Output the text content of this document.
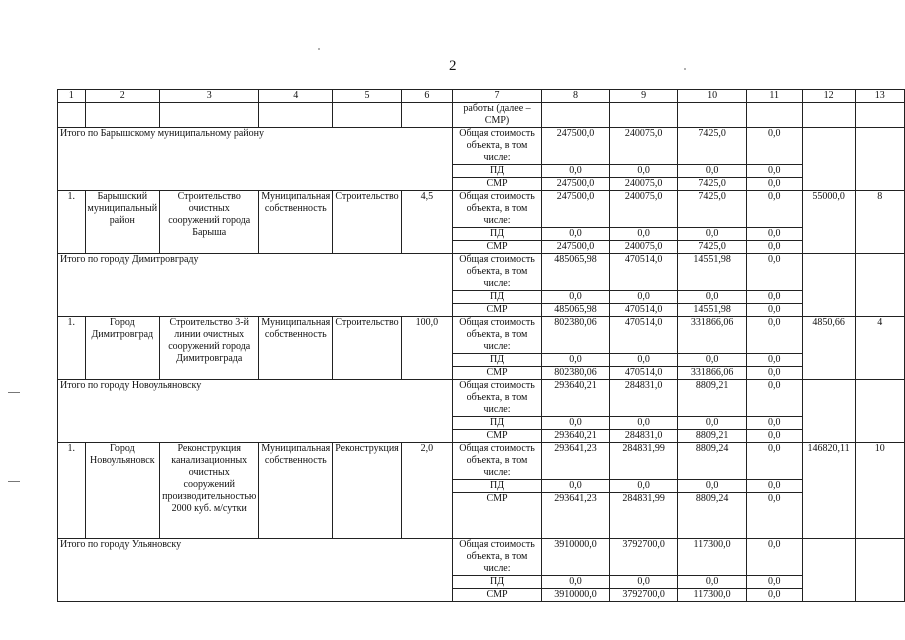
2
1	2	3	4	5	6	7	8	9	10	11	12	13
						работы (далее – СМР)						
Итого по Барышскому муниципальному району						Общая стоимость объекта, в том числе:	247500,0	240075,0	7425,0	0,0		
						ПД	0,0	0,0	0,0	0,0		
						СМР	247500,0	240075,0	7425,0	0,0		
1.	Барышский муниципальный район	Строительство очистных сооружений города Барыша	Муниципальная собственность	Строительство	4,5	Общая стоимость объекта, в том числе:	247500,0	240075,0	7425,0	0,0	55000,0	8
						ПД	0,0	0,0	0,0	0,0		
						СМР	247500,0	240075,0	7425,0	0,0		
Итого по городу Димитровграду						Общая стоимость объекта, в том числе:	485065,98	470514,0	14551,98	0,0		
						ПД	0,0	0,0	0,0	0,0		
						СМР	485065,98	470514,0	14551,98	0,0		
1.	Город Димитровград	Строительство 3-й линии очистных сооружений города Димитровграда	Муниципальная собственность	Строительство	100,0	Общая стоимость объекта, в том числе:	802380,06	470514,0	331866,06	0,0	4850,66	4
						ПД	0,0	0,0	0,0	0,0		
						СМР	802380,06	470514,0	331866,06	0,0		
Итого по городу Новоульяновску						Общая стоимость объекта, в том числе:	293640,21	284831,0	8809,21	0,0		
						ПД	0,0	0,0	0,0	0,0		
						СМР	293640,21	284831,0	8809,21	0,0		
1.	Город Новоульяновск	Реконструкция канализационных очистных сооружений производительностью 2000 куб. м/сутки	Муниципальная собственность	Реконструкция	2,0	Общая стоимость объекта, в том числе:	293641,23	284831,99	8809,24	0,0	146820,11	10
						ПД	0,0	0,0	0,0	0,0		
						СМР	293641,23	284831,99	8809,24	0,0		
Итого по городу Ульяновску						Общая стоимость объекта, в том числе:	3910000,0	3792700,0	117300,0	0,0		
						ПД	0,0	0,0	0,0	0,0		
						СМР	3910000,0	3792700,0	117300,0	0,0		
